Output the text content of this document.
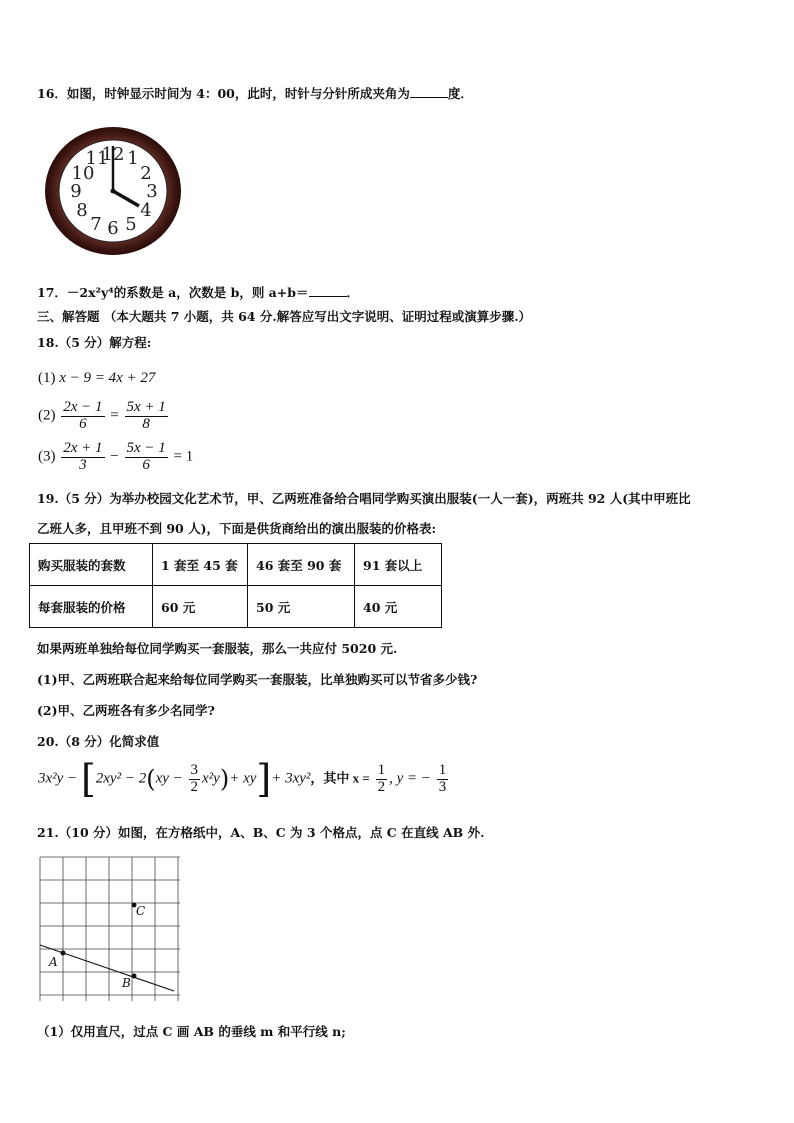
16．如图，时钟显示时间为 4：00，此时，时针与分针所成夹角为	度．
12 1
2
3
4
5
6
7
8
9
10
11
17．－2x²y⁴的系数是 a，次数是 b，则 a+b＝	．
三、解答题 （本大题共 7 小题，共 64 分.解答应写出文字说明、证明过程或演算步骤.）
18.（5 分）解方程:
(1) x − 9 = 4x + 27
$(2) \frac{2x - 1}{6} = \frac{5x + 1}{8}$
$(3) \frac{2x + 1}{3} - \frac{5x - 1}{6} = 1$
19.（5 分）为举办校园文化艺术节，甲、乙两班准备给合唱同学购买演出服装(一人一套)，两班共 92 人(其中甲班比
乙班人多，且甲班不到 90 人)，下面是供货商给出的演出服装的价格表:
购买服装的套数	1 套至 45 套	46 套至 90 套	91 套以上
每套服装的价格	60 元	50 元	40 元
如果两班单独给每位同学购买一套服装，那么一共应付 5020 元.
(1)甲、乙两班联合起来给每位同学购买一套服装，比单独购买可以节省多少钱?
(2)甲、乙两班各有多少名同学?
20.（8 分）化简求值
$3x^2y - [2xy^2 - 2(xy - \frac{3}{2} x^2y)+ xy]+ 3xy^2$，其中 $x = \frac{1}{2}$ , y = − $\frac{1}{3}$
21.（10 分）如图，在方格纸中，A、B、C 为 3 个格点，点 C 在直线 AB 外.
A
B
C
（1）仅用直尺，过点 C 画 AB 的垂线 m 和平行线 n;
